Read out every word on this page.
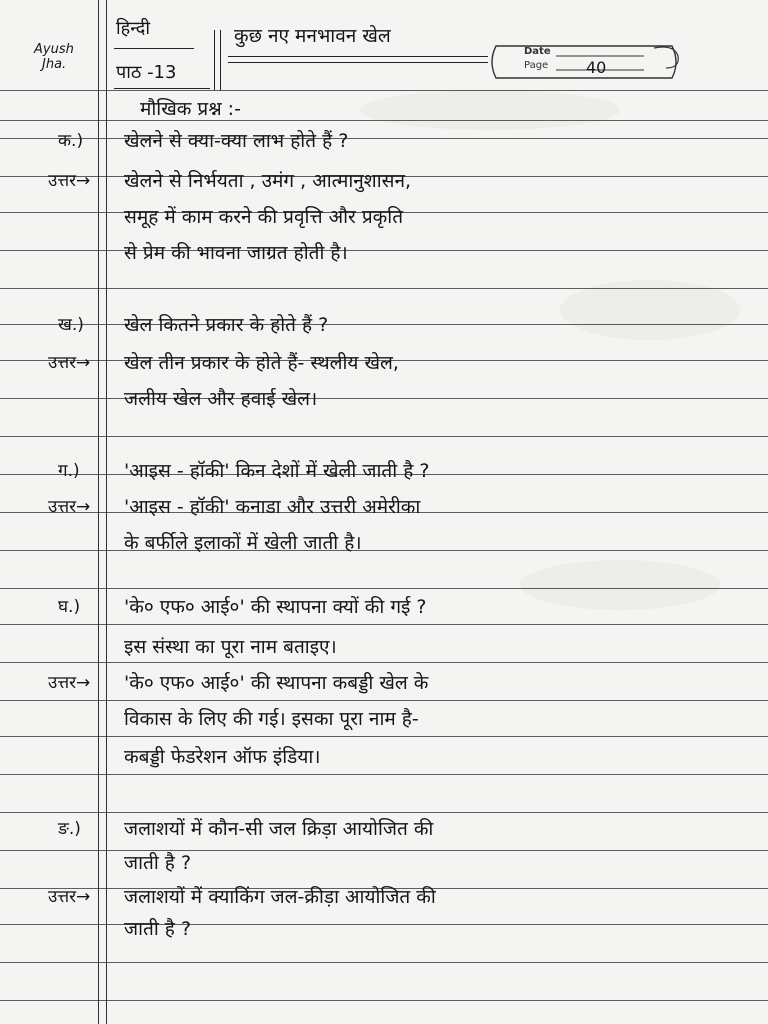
Ayush
Jha.
हिन्दी
पाठ -13
कुछ नए मनभावन खेल
Date
Page 40
मौखिक प्रश्न :-
क.) खेलने से क्या-क्या लाभ होते हैं ?
उत्तर→ खेलने से निर्भयता , उमंग , आत्मानुशासन,
समूह में काम करने की प्रवृत्ति और प्रकृति
से प्रेम की भावना जाग्रत होती है।
ख.) खेल कितने प्रकार के होते हैं ?
उत्तर→ खेल तीन प्रकार के होते हैं- स्थलीय खेल,
जलीय खेल और हवाई खेल।
ग.) 'आइस - हॉकी' किन देशों में खेली जाती है ?
उत्तर→ 'आइस - हॉकी' कनाडा और उत्तरी अमेरीका
के बर्फीले इलाकों में खेली जाती है।
घ.) 'के० एफ० आई०' की स्थापना क्यों की गई ?
इस संस्था का पूरा नाम बताइए।
उत्तर→ 'के० एफ० आई०' की स्थापना कबड्डी खेल के
विकास के लिए की गई। इसका पूरा नाम है-
कबड्डी फेडरेशन ऑफ इंडिया।
ङ.) जलाशयों में कौन-सी जल क्रिड़ा आयोजित की
जाती है ?
उत्तर→ जलाशयों में क्याकिंग जल-क्रीड़ा आयोजित की
जाती है ?
